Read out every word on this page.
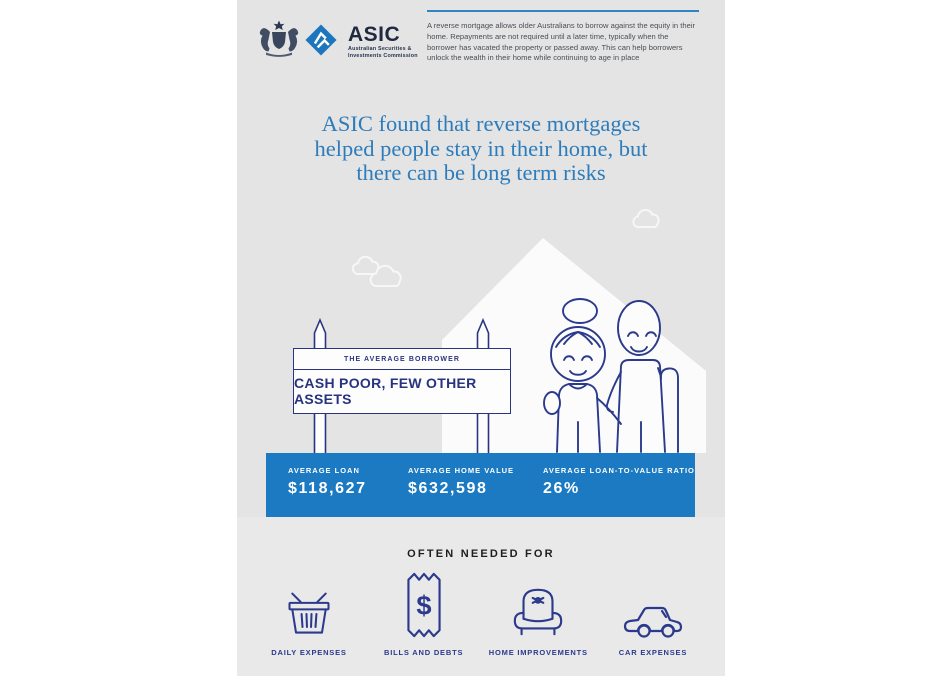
ASIC
Australian Securities &
Investments Commission
A reverse mortgage allows older Australians to borrow against the equity in their home. Repayments are not required until a later time, typically when the borrower has vacated the property or passed away. This can help borrowers unlock the wealth in their home while continuing to age in place
ASIC found that reverse mortgages
helped people stay in their home, but
there can be long term risks
THE AVERAGE BORROWER
CASH POOR, FEW OTHER ASSETS
AVERAGE LOAN
$118,627
AVERAGE HOME VALUE
$632,598
AVERAGE LOAN-TO-VALUE RATIO
26%
OFTEN NEEDED FOR
DAILY EXPENSES
$
BILLS AND DEBTS	HOME IMPROVEMENTS	CAR EXPENSES
